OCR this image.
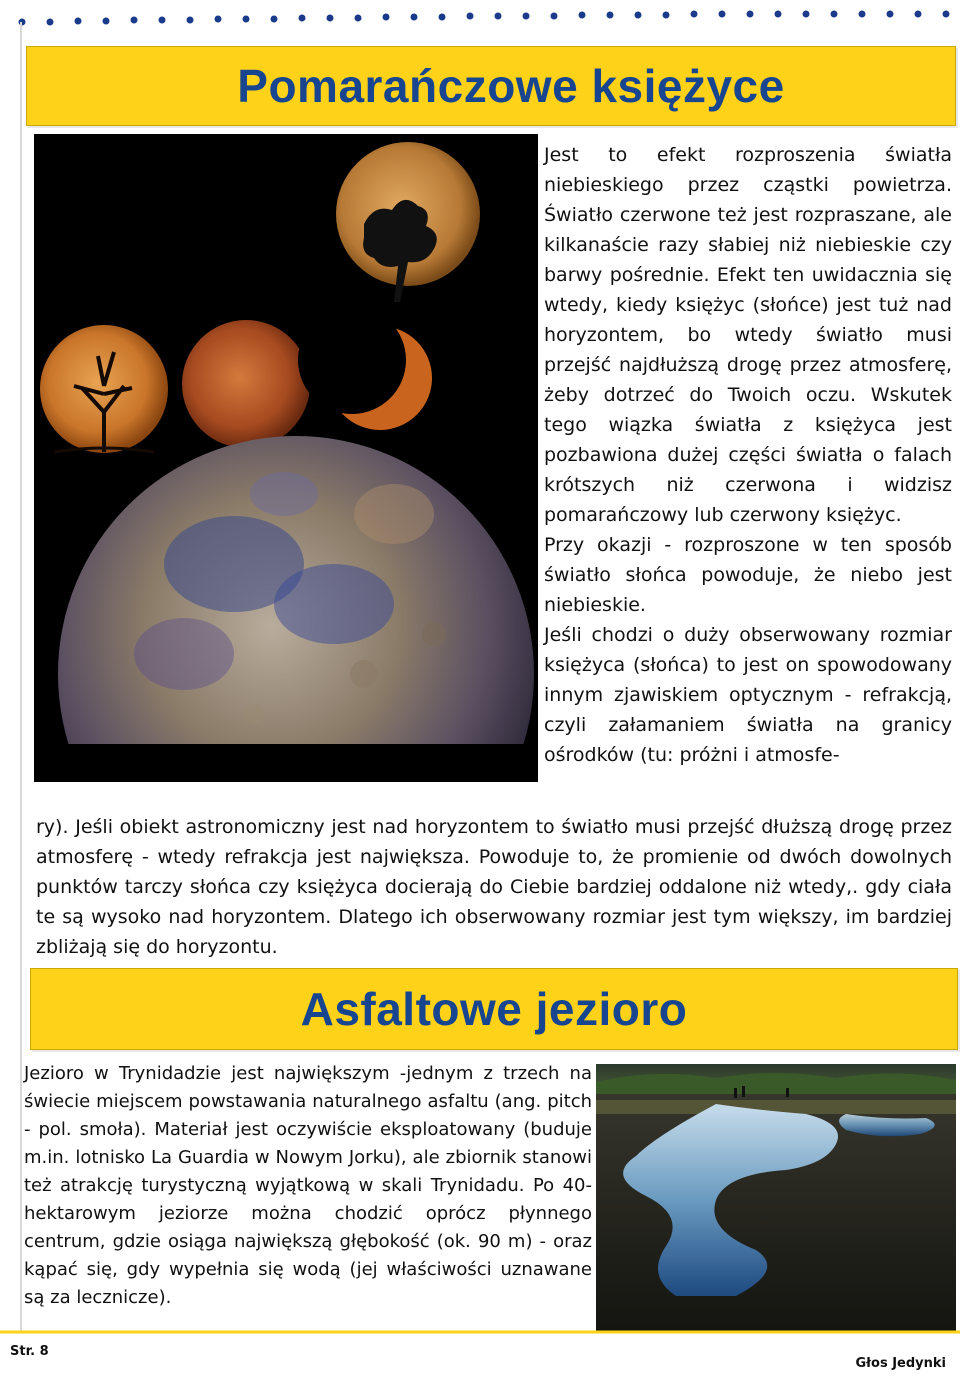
Pomarańczowe księżyce

Jest to efekt rozproszenia światła niebieskiego przez cząstki powietrza. Światło czerwone też jest rozpraszane, ale kilkanaście razy słabiej niż niebieskie czy barwy pośrednie. Efekt ten uwidacznia się wtedy, kiedy księżyc (słońce) jest tuż nad horyzontem, bo wtedy światło musi przejść najdłuższą drogę przez atmosferę, żeby dotrzeć do Twoich oczu. Wskutek tego wiązka światła z księżyca jest pozbawiona dużej części światła o falach krótszych niż czerwona i widzisz pomarańczowy lub czerwony księżyc.

Przy okazji - rozproszone w ten sposób światło słońca powoduje, że niebo jest niebieskie.

Jeśli chodzi o duży obserwowany rozmiar księżyca (słońca) to jest on spowodowany innym zjawiskiem optycznym - refrakcją, czyli załamaniem światła na granicy ośrodków (tu: próżni i atmosfe-

ry). Jeśli obiekt astronomiczny jest nad horyzontem to światło musi przejść dłuższą drogę przez atmosferę - wtedy refrakcja jest największa. Powoduje to, że promienie od dwóch dowolnych punktów tarczy słońca czy księżyca docierają do Ciebie bardziej oddalone niż wtedy,. gdy ciała te są wysoko nad horyzontem. Dlatego ich obserwowany rozmiar jest tym większy, im bardziej zbliżają się do horyzontu.
Asfaltowe jezioro
Jezioro w Trynidadzie jest największym -jednym z trzech na świecie miejscem powstawania naturalnego asfaltu (ang. pitch - pol. smoła). Materiał jest oczywiście eksploatowany (buduje m.in. lotnisko La Guardia w Nowym Jorku), ale zbiornik stanowi też atrakcję turystyczną wyjątkową w skali Trynidadu. Po 40-hektarowym jeziorze można chodzić oprócz płynnego centrum, gdzie osiąga największą głębokość (ok. 90 m) - oraz kąpać się, gdy wypełnia się wodą (jej właściwości uznawane są za lecznicze).
Str. 8
Głos Jedynki
